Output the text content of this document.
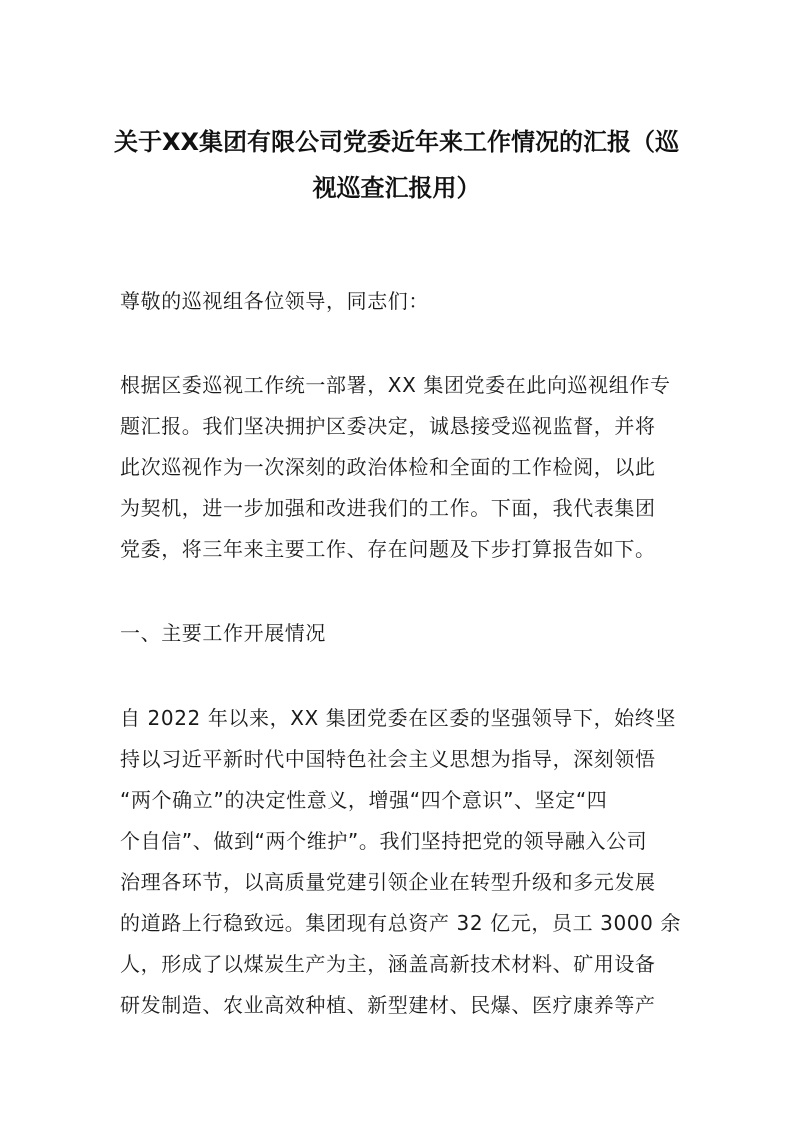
关于XX集团有限公司党委近年来工作情况的汇报（巡
视巡查汇报用）
尊敬的巡视组各位领导，同志们：
根据区委巡视工作统一部署，XX 集团党委在此向巡视组作专
题汇报。我们坚决拥护区委决定，诚恳接受巡视监督，并将
此次巡视作为一次深刻的政治体检和全面的工作检阅，以此
为契机，进一步加强和改进我们的工作。下面，我代表集团
党委，将三年来主要工作、存在问题及下步打算报告如下。
一、主要工作开展情况
自 2022 年以来，XX 集团党委在区委的坚强领导下，始终坚
持以习近平新时代中国特色社会主义思想为指导，深刻领悟
“两个确立”的决定性意义，增强“四个意识”、坚定“四
个自信”、做到“两个维护”。我们坚持把党的领导融入公司
治理各环节，以高质量党建引领企业在转型升级和多元发展
的道路上行稳致远。集团现有总资产 32 亿元，员工 3000 余
人，形成了以煤炭生产为主，涵盖高新技术材料、矿用设备
研发制造、农业高效种植、新型建材、民爆、医疗康养等产
